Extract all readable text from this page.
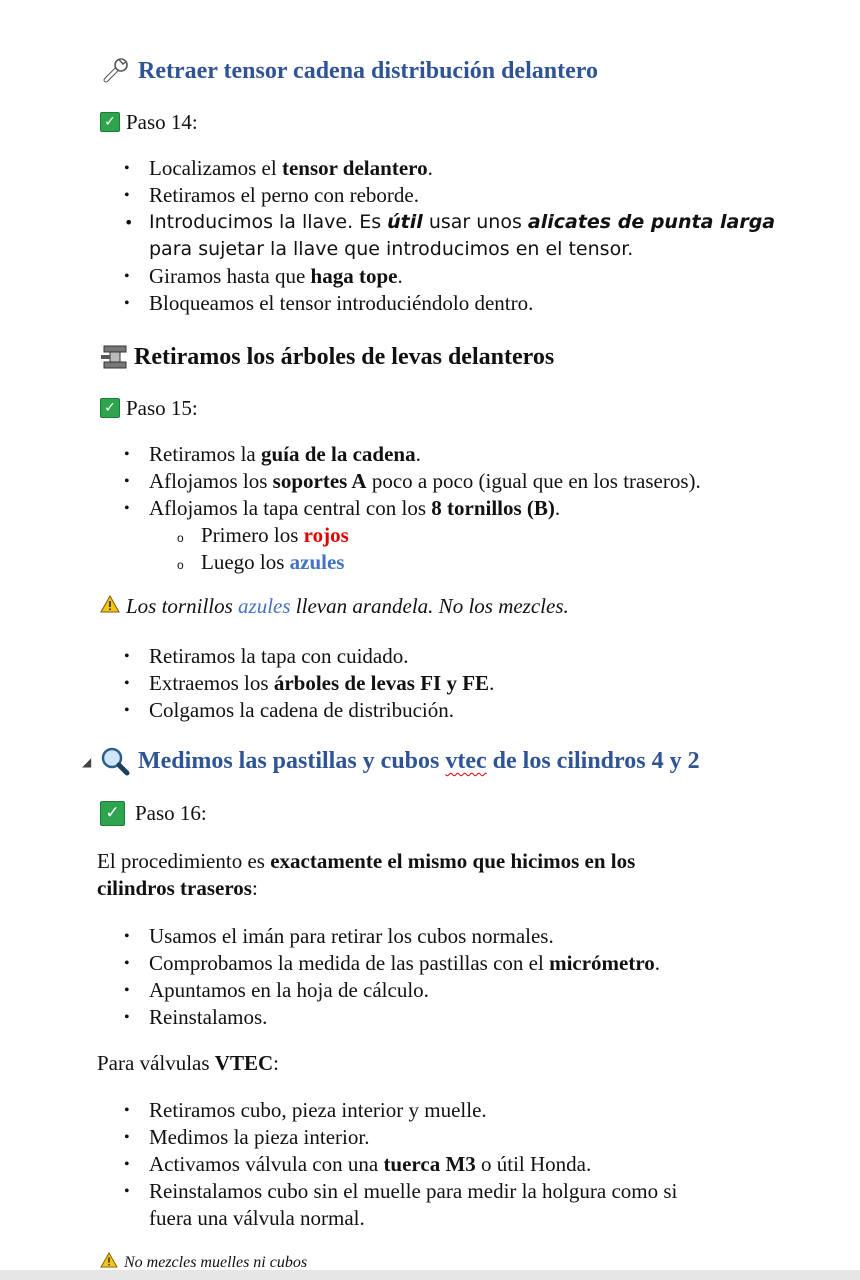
Retraer tensor cadena distribución delantero
✓ Paso 14:
• Localizamos el tensor delantero.
• Retiramos el perno con reborde.
• Introducimos la llave. Es útil usar unos alicates de punta larga
para sujetar la llave que introducimos en el tensor.
• Giramos hasta que haga tope.
• Bloqueamos el tensor introduciéndolo dentro.
Retiramos los árboles de levas delanteros
✓ Paso 15:
• Retiramos la guía de la cadena.
• Aflojamos los soportes A poco a poco (igual que en los traseros).
• Aflojamos la tapa central con los 8 tornillos (B).
o Primero los rojos
o Luego los azules
Los tornillos
azules
llevan arandela. No los mezcles.
• Retiramos la tapa con cuidado.
• Extraemos los árboles de levas FI y FE.
• Colgamos la cadena de distribución.
◢ Medimos las pastillas y cubos vtec de los cilindros 4 y 2
✓ Paso 16:
El procedimiento es exactamente el mismo que hicimos en los
cilindros traseros:
• Usamos el imán para retirar los cubos normales.
• Comprobamos la medida de las pastillas con el micrómetro.
• Apuntamos en la hoja de cálculo.
• Reinstalamos.
Para válvulas VTEC:
• Retiramos cubo, pieza interior y muelle.
• Medimos la pieza interior.
• Activamos válvula con una tuerca M3 o útil Honda.
• Reinstalamos cubo sin el muelle para medir la holgura como si
fuera una válvula normal.
No mezcles muelles ni cubos
